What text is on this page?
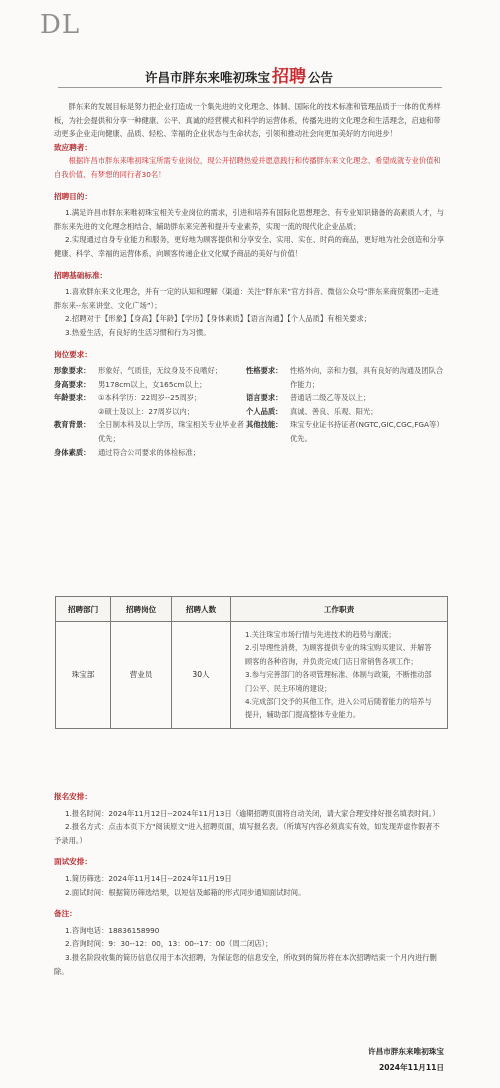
DL
许昌市胖东来唯初珠宝 招聘 公告

胖东来的发展目标是努力把企业打造成一个集先进的文化理念、体制、国际化的技术标准和管理品质于一体的优秀样板，为社会提供和分享一种健康、公平、真诚的经营模式和科学的运营体系，传播先进的文化理念和生活理念，启迪和带动更多企业走向健康、品质、轻松、幸福的企业状态与生命状态，引领和推动社会向更加美好的方向进步！

致应聘者：

根据许昌市胖东来唯初珠宝所需专业岗位，现公开招聘热爱并愿意践行和传播胖东来文化理念、希望成就专业价值和自我价值、有梦想的同行者30名！

招聘目的：

1.满足许昌市胖东来唯初珠宝相关专业岗位的需求，引进和培养有国际化思想理念、有专业知识储备的高素质人才，与胖东来先进的文化理念相结合、辅助胖东来完善和提升专业素养，实现一流的现代化企业品质；

2.实现通过自身专业能力和服务，更好地为顾客提供和分享安全、实用、实在、时尚的商品，更好地为社会创造和分享健康、科学、幸福的运营体系，向顾客传递企业文化赋予商品的美好与价值！

招聘基础标准：

1.喜欢胖东来文化理念，并有一定的认知和理解（渠道：关注“胖东来”官方抖音、微信公众号“胖东来商贸集团--走进胖东来--东来讲堂、文化广场”）；

2.招聘对于【形象】【身高】【年龄】【学历】【身体素质】【语言沟通】【个人品质】有相关要求；

3.热爱生活，有良好的生活习惯和行为习惯。

岗位要求：

形象要求：	形象好、气质佳，无纹身及不良嗜好；	性格要求：	性格外向，亲和力强，具有良好的沟通及团队合作能力；
身高要求：	男178cm以上，女165cm以上；
年龄要求：	①本科学历：22周岁--25周岁；	语言要求：	普通话二级乙等及以上；
②硕士及以上：27周岁以内；	个人品质：	真诚、善良、乐观、阳光；
教育背景：	全日制本科及以上学历，珠宝相关专业毕业者优先；
其他技能：	珠宝专业证书持证者(NGTC,GIC,CGC,FGA等）优先。
身体素质：	通过符合公司要求的体检标准；
招聘部门	招聘岗位	招聘人数	工作职责
珠宝部	营业员	30人	1.关注珠宝市场行情与先进技术的趋势与潮流；
2.引导理性消费，为顾客提供专业的珠宝购买建议、并解答顾客的各种咨询，并负责完成门店日常销售各项工作；
3.参与完善部门的各项管理标准、体制与政策，不断推动部门公平、民主环境的建设；
4.完成部门交予的其他工作，进入公司后随着能力的培养与提升，辅助部门提高整体专业能力。

报名安排：

1.报名时间：2024年11月12日--2024年11月13日（逾期招聘页面将自动关闭，请大家合理安排好报名填表时间。）

2.报名方式：点击本页下方"阅读原文"进入招聘页面，填写报名表。（所填写内容必须真实有效，如发现弄虚作假者不予录用。）

面试安排：

1.简历筛选：2024年11月14日--2024年11月19日

2.面试时间：根据简历筛选结果，以短信及邮箱的形式同步通知面试时间。

备注：

1.咨询电话：18836158990

2.咨询时间：9：30--12：00，13：00--17：00（周二闭店）；

3.报名阶段收集的简历信息仅用于本次招聘，为保证您的信息安全，所收到的简历将在本次招聘结束一个月内进行删除。

许昌市胖东来唯初珠宝
2024年11月11日
